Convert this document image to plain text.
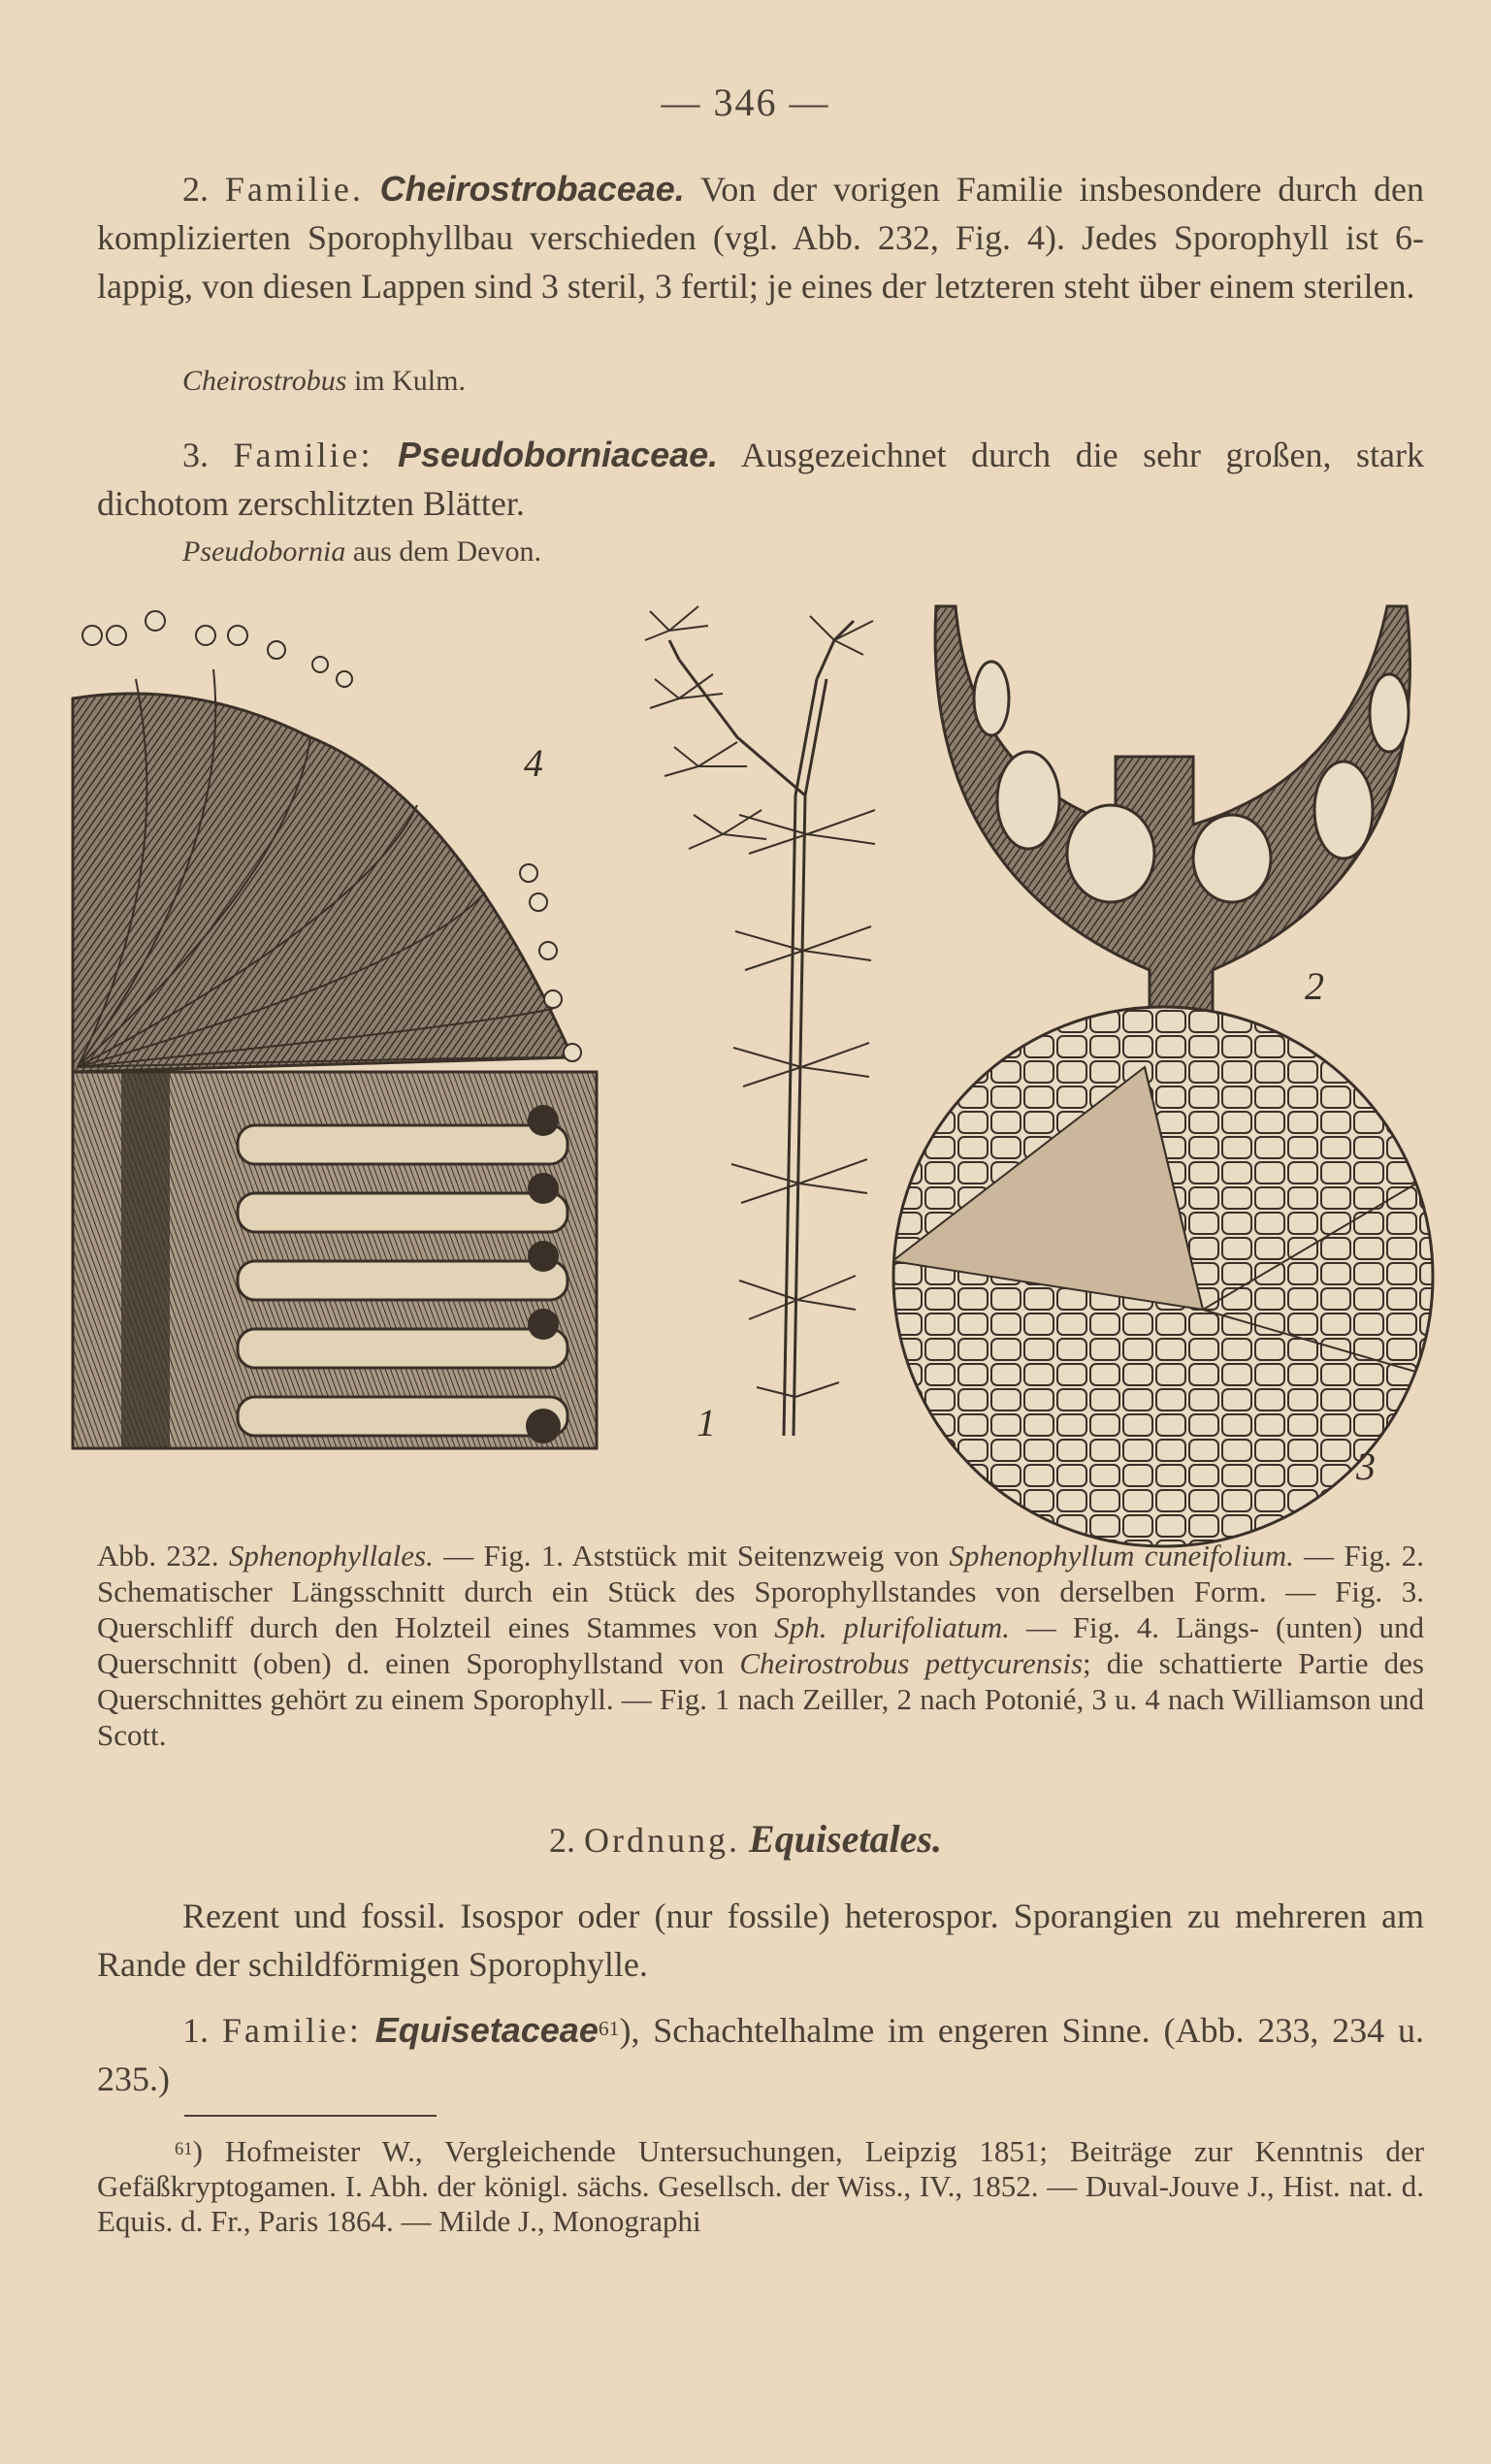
— 346 —
2. Familie. Cheirostrobaceae. Von der vorigen Familie insbesondere durch den komplizierten Sporophyllbau verschieden (vgl. Abb. 232, Fig. 4). Jedes Sporophyll ist 6-lappig, von diesen Lappen sind 3 steril, 3 fertil; je eines der letzteren steht über einem sterilen.
Cheirostrobus im Kulm.
3. Familie: Pseudoborniaceae. Ausgezeichnet durch die sehr großen, stark dichotom zerschlitzten Blätter.
Pseudobornia aus dem Devon.
4
1
2
3
Abb. 232. Sphenophyllales. — Fig. 1. Aststück mit Seitenzweig von Sphenophyllum cuneifolium. — Fig. 2. Schematischer Längsschnitt durch ein Stück des Sporophyllstandes von derselben Form. — Fig. 3. Querschliff durch den Holzteil eines Stammes von Sph. plurifoliatum. — Fig. 4. Längs- (unten) und Querschnitt (oben) d. einen Sporophyllstand von Cheirostrobus pettycurensis; die schattierte Partie des Querschnittes gehört zu einem Sporophyll. — Fig. 1 nach Zeiller, 2 nach Potonié, 3 u. 4 nach Williamson und Scott.
2. Ordnung. Equisetales.
Rezent und fossil. Isospor oder (nur fossile) heterospor. Sporangien zu mehreren am Rande der schildförmigen Sporophylle.
1. Familie: Equisetaceae$^{61}$), Schachtelhalme im engeren Sinne. (Abb. 233, 234 u. 235.)
$^{61}$) Hofmeister W., Vergleichende Untersuchungen, Leipzig 1851; Beiträge zur Kenntnis der Gefäßkryptogamen. I. Abh. der königl. sächs. Gesellsch. der Wiss., IV., 1852. — Duval-Jouve J., Hist. nat. d. Equis. d. Fr., Paris 1864. — Milde J., Monographi
